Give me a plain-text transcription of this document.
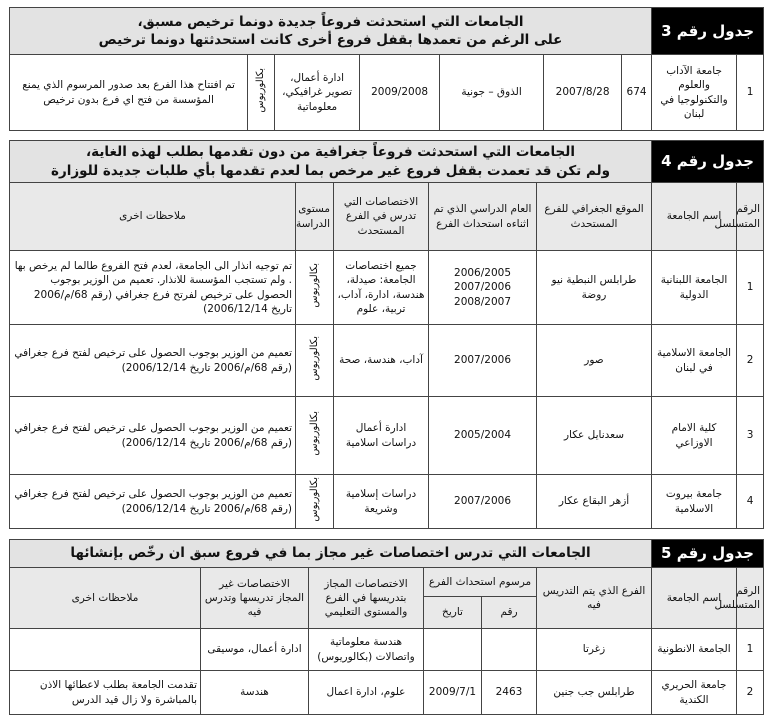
جدول رقم 3		الجامعات التي استحدثت فروعاً جديدة دونما ترخيص مسبق،
على الرغم من تعمدها بقفل فروع أخرى كانت استحدثتها دونما ترخيص						

1	جامعة الآداب والعلوم والتكنولوجيا في لبنان	674	2007/8/28	الذوق – جونية	2009/2008	ادارة أعمال، تصوير غرافيكي، معلوماتية	بكالوريوس	تم افتتاح هذا الفرع بعد صدور المرسوم الذي يمنع المؤسسة من فتح اي فرع بدون ترخيص
جدول رقم 4		الجامعات التي استحدثت فروعاً جغرافية من دون تقدمها بطلب لهذه الغاية،
ولم تكن قد تعمدت بقفل فروع غير مرخص بما لعدم تقدمها بأي طلبات جديدة للوزارة				

الرقم المتسلسل	اسم الجامعة	الموقع الجغرافي للفرع المستحدث	العام الدراسي الذي تم اثناءه استحداث الفرع	الاختصاصات التي تدرس في الفرع المستحدث	مستوى الدراسة	ملاحظات اخرى
1	الجامعة اللبنانية الدولية	طرابلس النبطية نيو روضة	2006/2005 2007/2006 2008/2007	جميع اختصاصات الجامعة: صيدلة، هندسة، ادارة، آداب، تربية، علوم	بكالوريوس	تم توجيه انذار الى الجامعة، لعدم فتح الفروع طالما لم يرخص بها . ولم تستجب المؤسسة للانذار. تعميم من الوزير بوجوب الحصول على ترخيص لفرتح فرع جغرافي (رقم 68/م/2006 تاريخ 2006/12/14)
2	الجامعة الاسلامية في لبنان	صور	2007/2006	آداب، هندسة، صحة	بكالوريوس	تعميم من الوزير بوجوب الحصول على ترخيص لفتح فرع جغرافي (رقم 68/م/2006 تاريخ 2006/12/14)
3	كلية الامام الاوزاعي	سعدنايل عكار	2005/2004	ادارة أعمال دراسات اسلامية	بكالوريوس	تعميم من الوزير بوجوب الحصول على ترخيص لفتح فرع جغرافي (رقم 68/م/2006 تاريخ 2006/12/14)
4	جامعة بيروت الاسلامية	أزهر البقاع عكار	2007/2006	دراسات إسلامية وشريعة	بكالوريوس	تعميم من الوزير بوجوب الحصول على ترخيص لفتح فرع جغرافي (رقم 68/م/2006 تاريخ 2006/12/14)
جدول رقم 5		الجامعات التي تدرس اختصاصات غير مجاز بما في فروع سبق ان رخّص بإنشائها					
الرقم المتسلسل	اسم الجامعة	الفرع الذي يتم التدريس فيه	مرسوم استحداث الفرع		الاختصاصات المجاز بتدريسها في الفرع والمستوى التعليمي	الاختصاصات غير المجاز تدريسها وتدرس فيه	ملاحظات اخرى
			رقم	تاريخ			
1	الجامعة الانطونية	زغرتا			هندسة معلوماتية واتصالات (بكالوريوس)	ادارة أعمال، موسيقى	
2	جامعة الحريري الكندية	طرابلس جب جنين	2463	2009/7/1	علوم، ادارة اعمال	هندسة	تقدمت الجامعة بطلب لاعطائها الاذن بالمباشرة ولا زال قيد الدرس
